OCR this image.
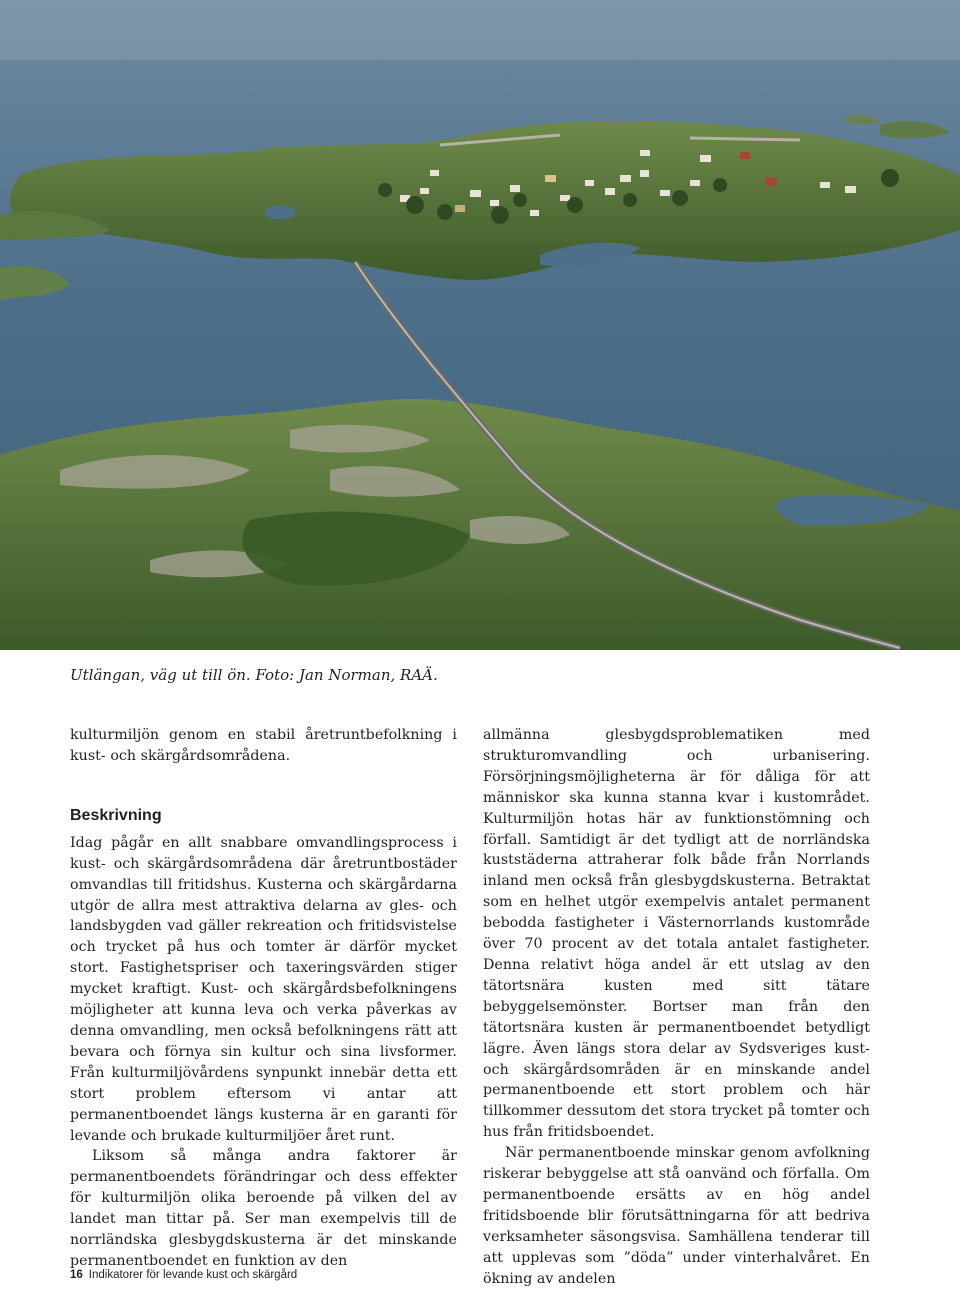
Utlängan, väg ut till ön. Foto: Jan Norman, RAÄ.

kulturmiljön genom en stabil åretruntbefolkning i kust- och skärgårdsområdena.

Beskrivning

Idag pågår en allt snabbare omvandlingsprocess i kust- och skärgårdsområdena där åretruntbostäder omvandlas till fritidshus. Kusterna och skärgårdarna utgör de allra mest attraktiva delarna av gles- och landsbygden vad gäller rekreation och fritidsvistelse och trycket på hus och tomter är därför mycket stort. Fastighetspriser och taxeringsvärden stiger mycket kraftigt. Kust- och skärgårdsbefolkningens möjligheter att kunna leva och verka påverkas av denna omvandling, men också befolkningens rätt att bevara och förnya sin kultur och sina livsformer. Från kulturmiljövårdens synpunkt innebär detta ett stort problem eftersom vi antar att permanentboendet längs kusterna är en garanti för levande och brukade kulturmiljöer året runt.

Liksom så många andra faktorer är permanentboendets förändringar och dess effekter för kulturmiljön olika beroende på vilken del av landet man tittar på. Ser man exempelvis till de norrländska glesbygdskusterna är det minskande permanentboendet en funktion av den

allmänna glesbygdsproblematiken med strukturomvandling och urbanisering. Försörjningsmöjligheterna är för dåliga för att människor ska kunna stanna kvar i kustområdet. Kulturmiljön hotas här av funktionstömning och förfall. Samtidigt är det tydligt att de norrländska kuststäderna attraherar folk både från Norrlands inland men också från glesbygdskusterna. Betraktat som en helhet utgör exempelvis antalet permanent bebodda fastigheter i Västernorrlands kustområde över 70 procent av det totala antalet fastigheter. Denna relativt höga andel är ett utslag av den tätortsnära kusten med sitt tätare bebyggelsemönster. Bortser man från den tätortsnära kusten är permanentboendet betydligt lägre. Även längs stora delar av Sydsveriges kust- och skärgårdsområden är en minskande andel permanentboende ett stort problem och här tillkommer dessutom det stora trycket på tomter och hus från fritidsboendet.

När permanentboende minskar genom avfolkning riskerar bebyggelse att stå oanvänd och förfalla. Om permanentboende ersätts av en hög andel fritidsboende blir förutsättningarna för att bedriva verksamheter säsongsvisa. Samhällena tenderar till att upplevas som ”döda” under vinterhalvåret. En ökning av andelen

16 Indikatorer för levande kust och skärgård
